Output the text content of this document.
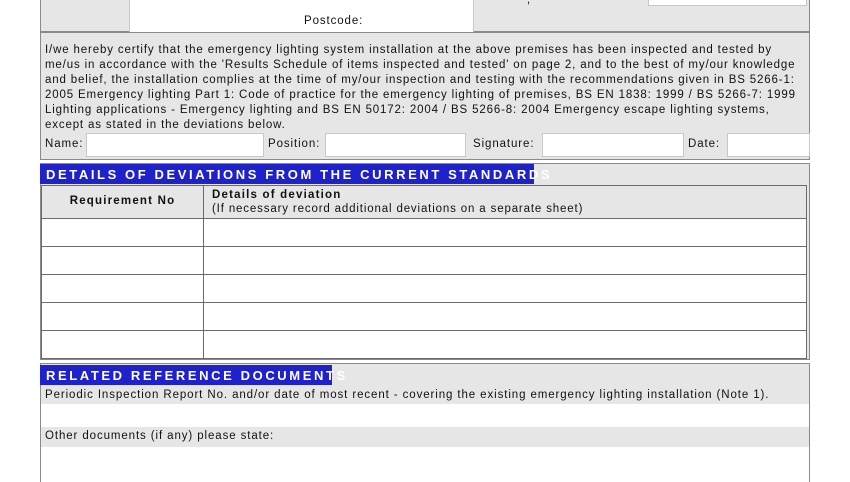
Postcode:
,
I/we hereby certify that the emergency lighting system installation at the above premises has been inspected and tested by me/us in accordance with the 'Results Schedule of items inspected and tested' on page 2, and to the best of my/our knowledge and belief, the installation complies at the time of my/our inspection and testing with the recommendations given in BS 5266-1: 2005 Emergency lighting Part 1: Code of practice for the emergency lighting of premises, BS EN 1838: 1999 / BS 5266-7: 1999 Lighting applications - Emergency lighting and BS EN 50172: 2004 / BS 5266-8: 2004 Emergency escape lighting systems, except as stated in the deviations below.
Name:	Position:	Signature:	Date:
DETAILS OF DEVIATIONS FROM THE CURRENT STANDARDS
Requirement No	Details of deviation
(If necessary record additional deviations on a separate sheet)

RELATED REFERENCE DOCUMENTS
Periodic Inspection Report No. and/or date of most recent - covering the existing emergency lighting installation (Note 1).
Other documents (if any) please state:
